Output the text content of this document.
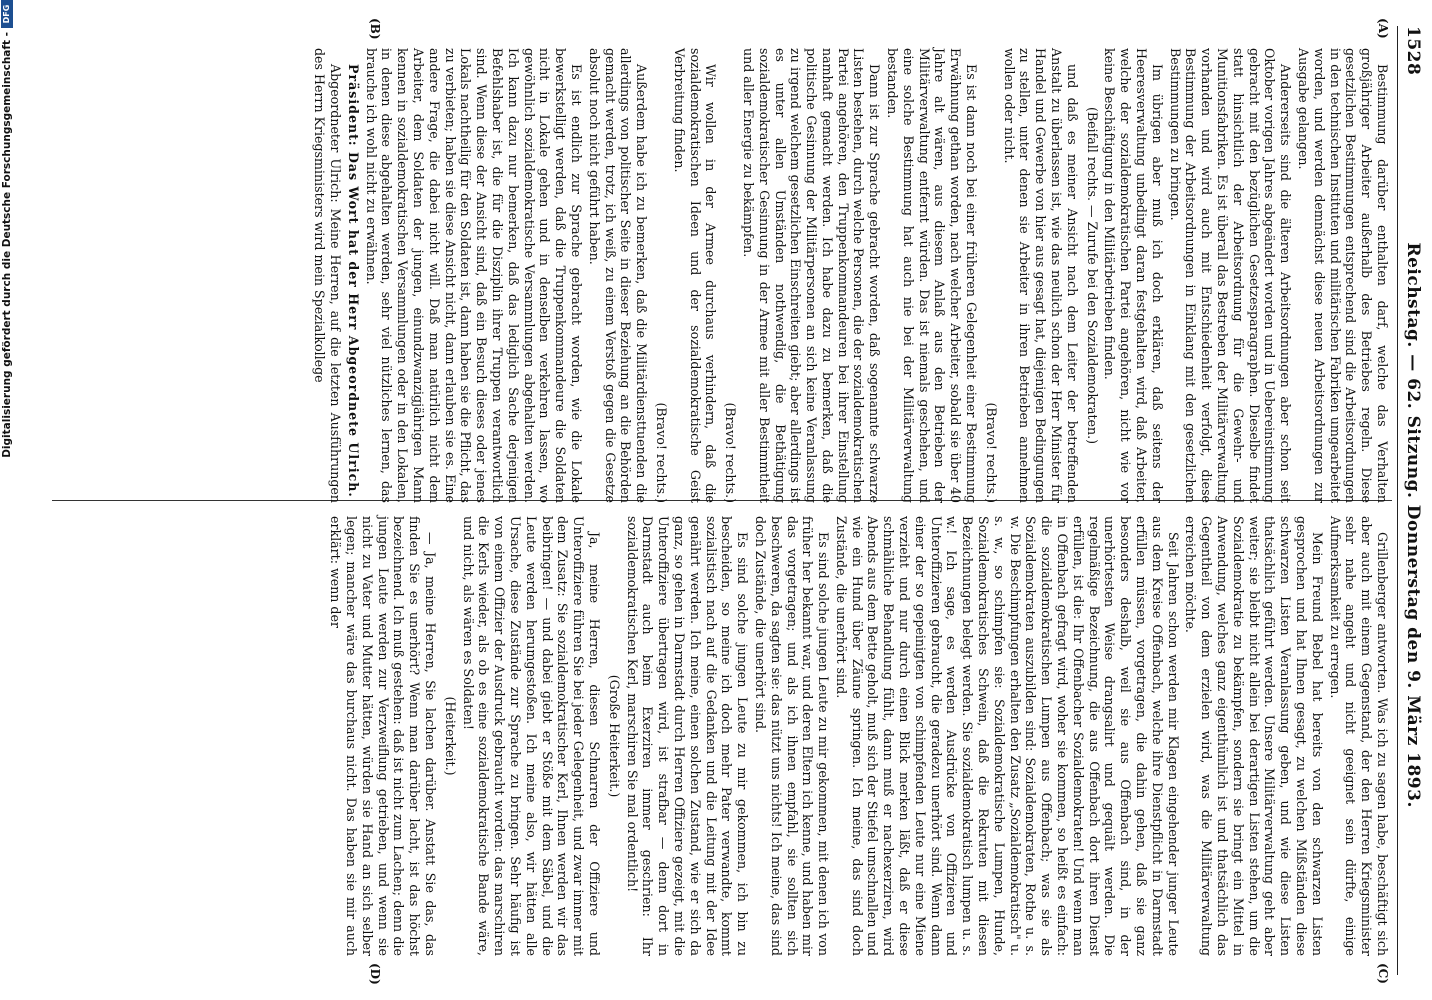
1528
Reichstag. — 62. Sitzung. Donnerstag den 9. März 1893.
(A)
(B)
(C)
(D)

Bestimmung darüber enthalten darf, welche das Verhalten großjähriger Arbeiter außerhalb des Betriebes regeln. Diese gesetzlichen Bestimmungen entsprechend sind die Arbeitsordnungen in den technischen Instituten und militärischen Fabriken umgearbeitet worden, und werden demnächst diese neuen Arbeitsordnungen zur Ausgabe gelangen.

Andererseits sind die älteren Arbeitsordnungen aber schon seit Oktober vorigen Jahres abgeändert worden und in Uebereinstimmung gebracht mit den bezüglichen Gesetzesparagraphen. Dieselbe findet statt hinsichtlich der Arbeitsordnung für die Gewehr- und Munitionsfabriken. Es ist überall das Bestreben der Militärverwaltung vorhanden und wird auch mit Entschiedenheit verfolgt, diese Bestimmung der Arbeitsordnungen in Einklang mit den gesetzlichen Bestimmungen zu bringen.

Im übrigen aber muß ich doch erklären, daß seitens der Heeresverwaltung unbedingt daran festgehalten wird, daß Arbeiter, welche der sozialdemokratischen Partei angehören, nicht wie vor keine Beschäftigung in den Militärbetrieben finden.

(Beifall rechts. — Zurufe bei den Sozialdemokraten.)

und daß es meiner Ansicht nach dem Leiter der betreffenden Anstalt zu überlassen ist, wie das neulich schon der Herr Minister für Handel und Gewerbe von hier aus gesagt hat, diejenigen Bedingungen zu stellen, unter denen sie Arbeiter in ihren Betrieben annehmen wollen oder nicht.

(Bravo! rechts.)

Es ist dann noch bei einer früheren Gelegenheit einer Bestimmung Erwähnung gethan worden, nach welcher Arbeiter, sobald sie über 40 Jahre alt wären, aus diesem Anlaß aus den Betrieben der Militärverwaltung entfernt würden. Das ist niemals geschehen, und eine solche Bestimmung hat auch nie bei der Militärverwaltung bestanden.

Dann ist zur Sprache gebracht worden, daß sogenannte schwarze Listen bestehen, durch welche Personen, die der sozialdemokratischen Partei angehören, den Truppenkommandeuren bei ihrer Einstellung namhaft gemacht werden. Ich habe dazu zu bemerken, daß die politische Gesinnung der Militärpersonen an sich keine Veranlassung zu irgend welchem gesetzlichen Einschreiten giebt; aber allerdings ist es unter allen Umständen nothwendig, die Bethätigung sozialdemokratischer Gesinnung in der Armee mit aller Bestimmtheit und aller Energie zu bekämpfen.

(Bravo! rechts.)

Wir wollen in der Armee durchaus verhindern, daß die sozialdemokratischen Ideen und der sozialdemokratische Geist Verbreitung finden.

(Bravo! rechts.)

Außerdem habe ich zu bemerken, daß die Militärdiensttuenden die allerdings von politischer Seite in dieser Beziehung an die Behörden gemacht werden, trotz, ich weiß, zu einem Verstoß gegen die Gesetze absolut noch nicht geführt haben.

Es ist endlich zur Sprache gebracht worden, wie die Lokale bewerkstelligt werden, daß die Truppenkommandeure die Soldaten nicht in Lokale gehen und in denselben verkehren lassen, wo gewöhnlich sozialdemokratische Versammlungen abgehalten werden. Ich kann dazu nur bemerken, daß das lediglich Sache derjenigen Befehlshaber ist, die für die Disziplin ihrer Truppen verantwortlich sind. Wenn diese der Ansicht sind, daß ein Besuch dieses oder jenes Lokals nachtheilig für den Soldaten ist, dann haben sie die Pflicht, das zu verbieten; haben sie diese Ansicht nicht, dann erlauben sie es. Eine andere Frage, die dabei nicht will. Daß man natürlich nicht dem Arbeiter, dem Soldaten der jungen, einundzwanzigjährigen Mann kennen in sozialdemokratischen Versammlungen oder in den Lokalen, in denen diese abgehalten werden, sehr viel nützliches lernen, das brauche ich wohl nicht zu erwähnen.

Präsident: Das Wort hat der Herr Abgeordnete Ulrich.

Abgeordneter Ulrich: Meine Herren, auf die letzten Ausführungen des Herrn Kriegsministers wird mein Spezialkollege

Grillenberger antworten. Was ich zu sagen habe, beschäftigt sich aber auch mit einem Gegenstand, der den Herren Kriegsminister sehr nahe angeht und nicht geeignet sein dürfte, einige Aufmerksamkeit zu erregen.

Mein Freund Bebel hat bereits von den schwarzen Listen gesprochen und hat Ihnen gesagt, zu welchen Mißständen diese schwarzen Listen Veranlassung geben, und wie diese Listen thatsächlich geführt werden. Unsere Militärverwaltung geht aber weiter; sie bleibt nicht allein bei derartigen Listen stehen, um die Sozialdemokratie zu bekämpfen, sondern sie bringt ein Mittel in Anwendung, welches ganz eigenthümlich ist und thatsächlich das Gegentheil von dem erzielen wird, was die Militärverwaltung erreichen möchte.

Seit Jahren schon werden mir Klagen eingehender junger Leute aus dem Kreise Offenbach, welche ihre Dienstpflicht in Darmstadt erfüllen müssen, vorgetragen, die dahin gehen, daß sie ganz besonders deshalb, weil sie aus Offenbach sind, in der unerhörtesten Weise drangsalirt und gequält werden. Die regelmäßige Bezeichnung, die aus Offenbach dort ihren Dienst erfüllen, ist die: Ihr Offenbacher Sozialdemokraten! Und wenn man in Offenbach gefragt wird, woher sie kommen, so heißt es einfach: die sozialdemokratischen Lumpen aus Offenbach; was sie als Sozialdemokraten auszubilden sind: Sozialdemokraten, Rothe u. s. w. Die Beschimpfungen erhalten den Zusatz „Sozialdemokratisch" u. s. w., so schimpfen sie: Sozialdemokratische Lumpen, Hunde, Sozialdemokratisches Schwein, daß die Rekruten mit diesen Bezeichnungen belegt werden. Sie sozialdemokratisch lumpen u. s. w.! Ich sage, es werden Ausdrücke von Offizieren und Unteroffizieren gebraucht, die geradezu unerhört sind. Wenn dann einer der so gepeinigten von schimpfenden Leute nur eine Miene verzieht und nur durch einen Blick merken läßt, daß er diese schmähliche Behandlung fühlt, dann muß er nachexerziren, wird Abends aus dem Bette geholt, muß sich der Stiefel umschnallen und wie ein Hund über Zäune springen. Ich meine, das sind doch Zustände, die unerhört sind.

Es sind solche jungen Leute zu mir gekommen, mit denen ich von früher her bekannt war, und deren Eltern ich kenne, und haben mir das vorgetragen; und als ich ihnen empfahl, sie sollten sich beschweren, da sagten sie: das nützt uns nichts! Ich meine, das sind doch Zustände, die unerhört sind.

Es sind solche jungen Leute zu mir gekommen, ich bin zu bescheiden, so meine ich doch mehr Pater verwandte, kommt sozialistisch nach auf die Gedanken und die Leitung mit der Idee genährt werden. Ich meine, einen solchen Zustand, wie er sich da ganz, so gehen in Darmstadt durch Herren Offiziere gezeigt, mit die Unteroffiziere übertragen wird, ist strafbar — denn dort in Darmstadt auch beim Exerziren immer geschrien: Ihr sozialdemokratischen Kerl, marschiren Sie mal ordentlich!

(Große Heiterkeit.)

Ja, meine Herren, diesen Schnarren der Offiziere und Unteroffiziere führen Sie bei jeder Gelegenheit, und zwar immer mit dem Zusatz: Sie sozialdemokratischer Kerl, Ihnen werden wir das beibringen! — und dabei giebt er Stöße mit dem Säbel, und die Leute werden herumgestoßen. Ich meine also, wir hätten alle Ursache, diese Zustände zur Sprache zu bringen. Sehr häufig ist von einem Offizier der Ausdruck gebraucht worden: das marschiren die Kerls wieder, als ob es eine sozialdemokratische Bande wäre, und nicht, als wären es Soldaten!

(Heiterkeit.)

— Ja, meine Herren, Sie lachen darüber. Anstatt Sie das, das finden Sie es unerhört? Wenn man darüber lacht, ist das höchst bezeichnend. Ich muß gestehen: daß ist nicht zum Lachen; denn die jungen Leute werden zur Verzweiflung getrieben, und wenn sie nicht zu Vater und Mutter hätten, würden sie Hand an sich selber legen; mancher wäre das burchaus nicht. Das haben sie mir auch erklärt: wenn der

Digitalisierung gefördert durch die Deutsche Forschungsgemeinschaft -
DFG
